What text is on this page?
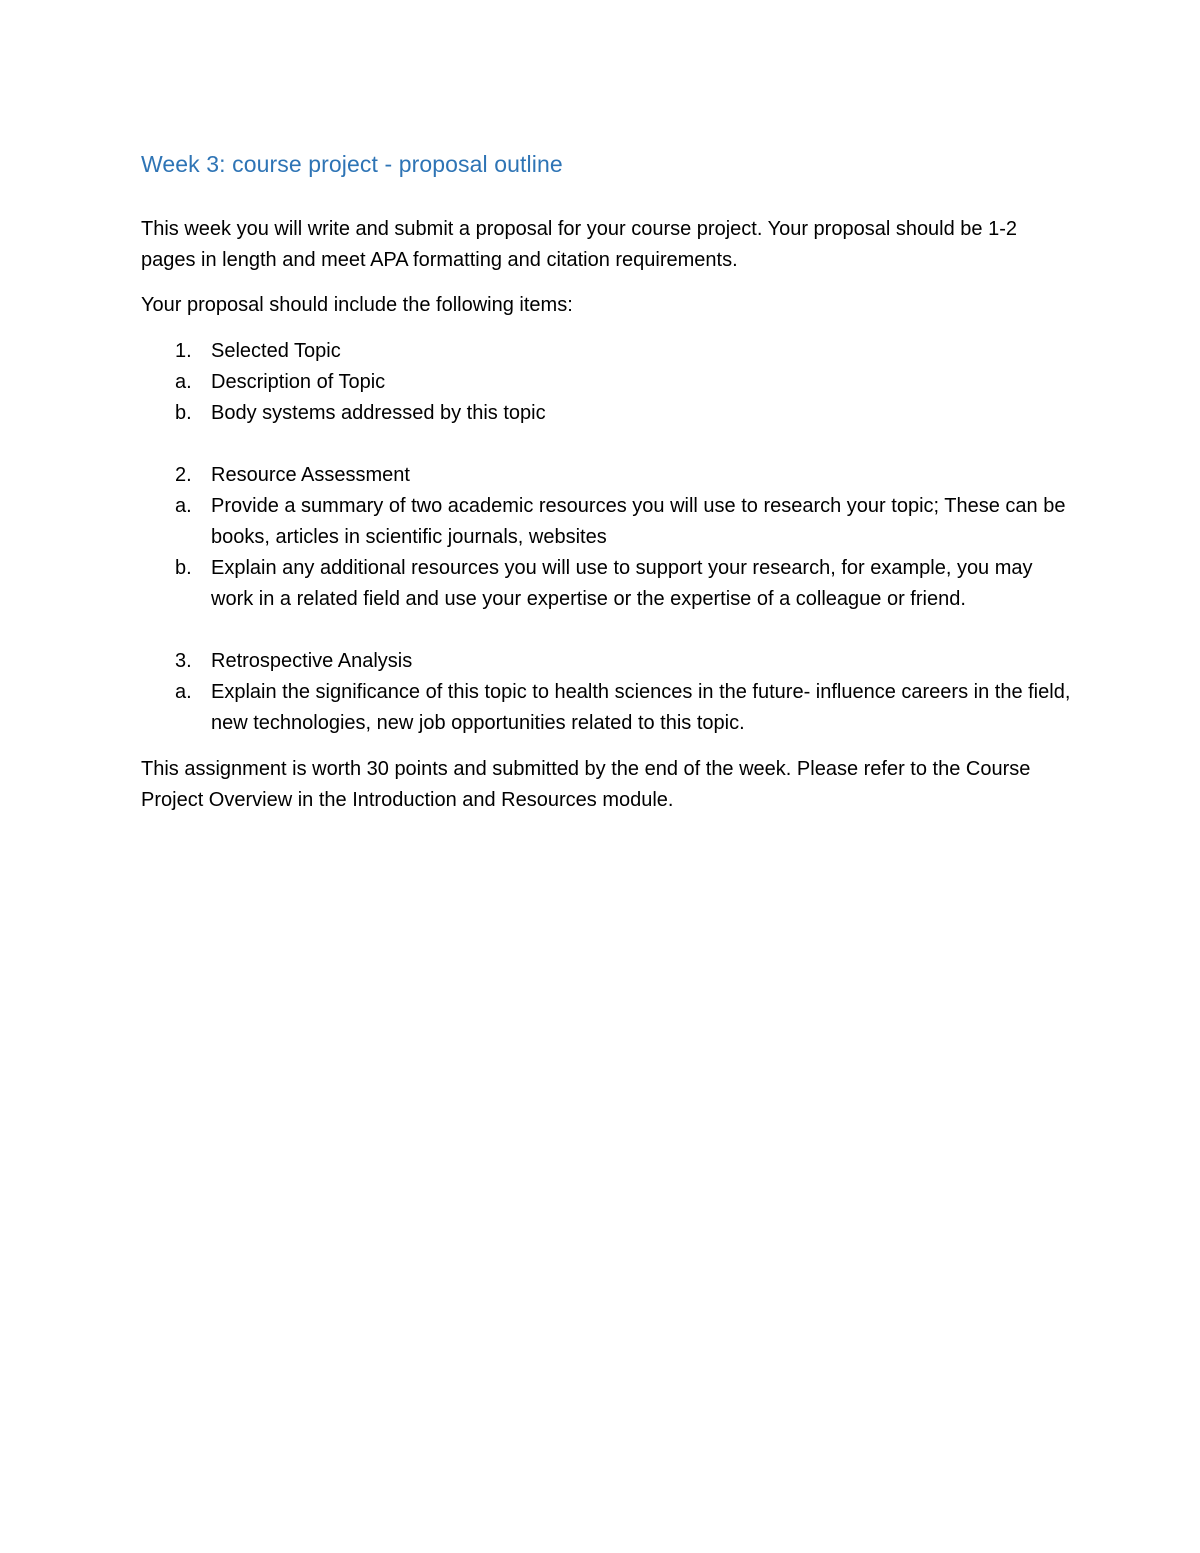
Week 3: course project - proposal outline

This week you will write and submit a proposal for your course project. Your proposal should be 1-2 pages in length and meet APA formatting and citation requirements.

Your proposal should include the following items:

1. Selected Topic
a. Description of Topic
b. Body systems addressed by this topic
2. Resource Assessment
a. Provide a summary of two academic resources you will use to research your topic; These can be books, articles in scientific journals, websites
b. Explain any additional resources you will use to support your research, for example, you may work in a related field and use your expertise or the expertise of a colleague or friend.
3. Retrospective Analysis
a. Explain the significance of this topic to health sciences in the future- influence careers in the field, new technologies, new job opportunities related to this topic.

This assignment is worth 30 points and submitted by the end of the week. Please refer to the Course Project Overview in the Introduction and Resources module.
